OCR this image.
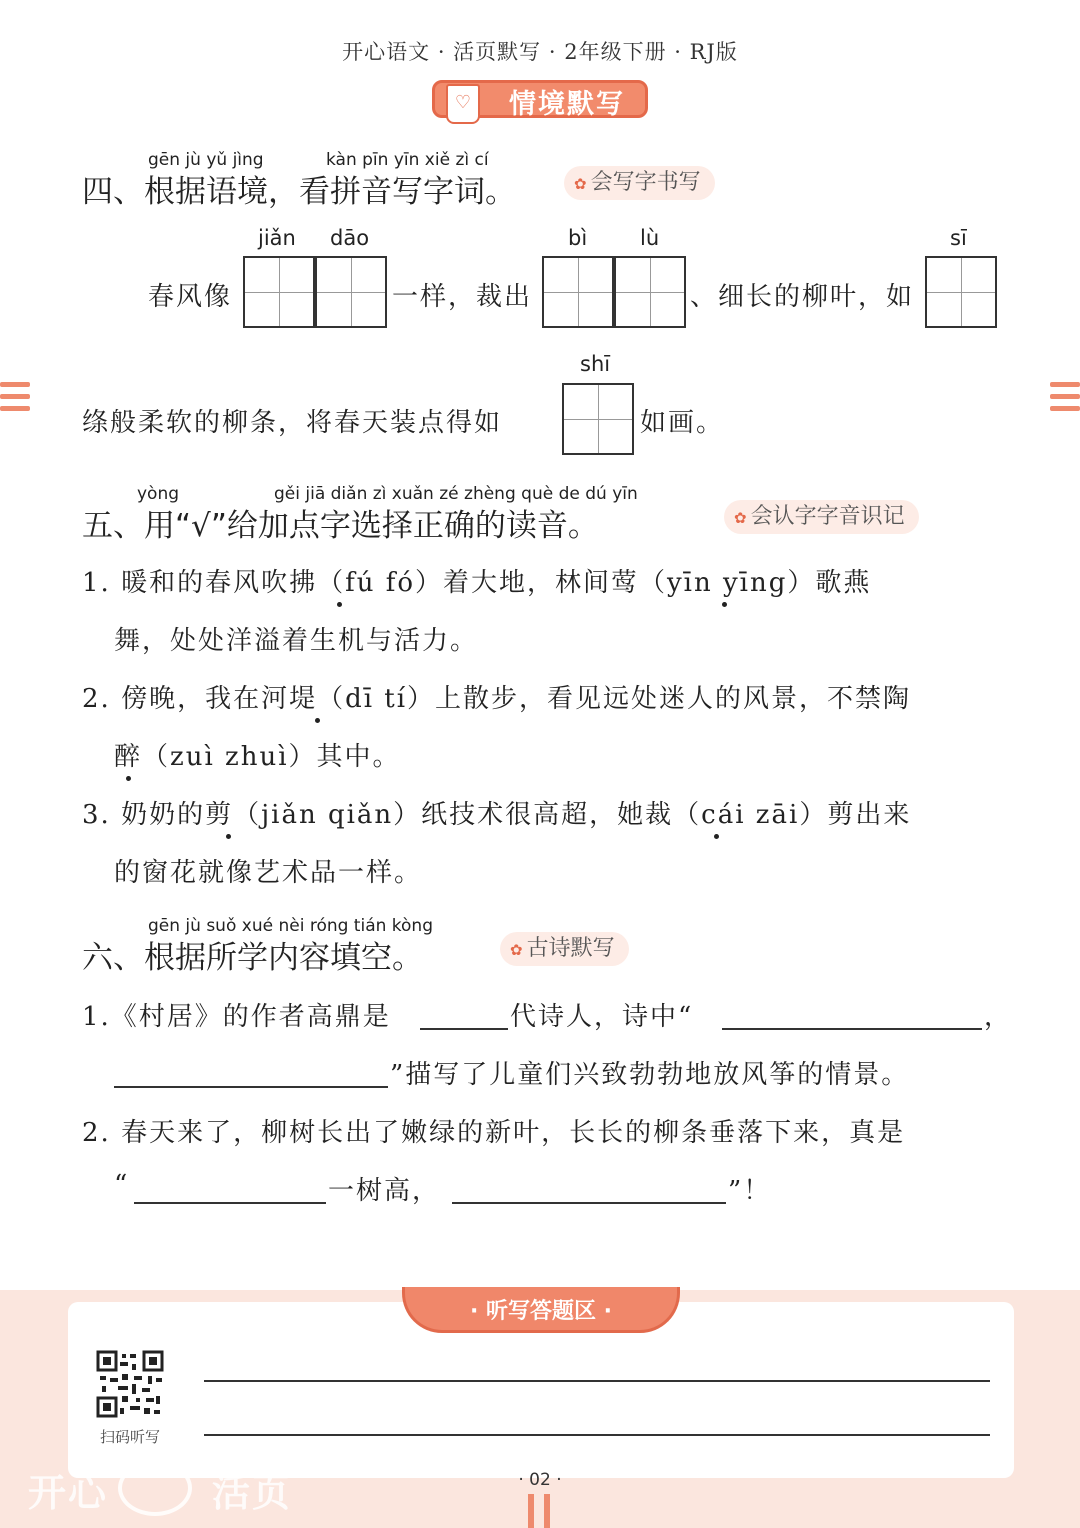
开心语文 · 活页默写 · 2年级下册 · RJ版
♡	情境默写
gēn jù yǔ jìng	kàn pīn yīn xiě zì cí
四、根据语境，看拼音写字词。	✿ 会写字书写
jiǎn dāo	bì	lù	sī
春风像	一样，裁出	、细长的柳叶，如
shī
绦般柔软的柳条，将春天装点得如	如画。
yòng	gěi jiā diǎn zì xuǎn zé zhèng què de dú yīn
五、用“√”给加点字选择正确的读音。	✿ 会认字字音识记
1. 暖和的春风吹拂（fú fó）着大地，林间莺（yīn yīng）歌燕
舞，处处洋溢着生机与活力。
2. 傍晚，我在河堤（dī tí）上散步，看见远处迷人的风景，不禁陶
醉（zuì zhuì）其中。
3. 奶奶的剪（jiǎn qiǎn）纸技术很高超，她裁（cái zāi）剪出来
的窗花就像艺术品一样。
gēn jù suǒ xué nèi róng tián kòng
六、根据所学内容填空。	✿ 古诗默写
1.《村居》的作者高鼎是	代诗人，诗中“	，
”描写了儿童们兴致勃勃地放风筝的情景。
2. 春天来了，柳树长出了嫩绿的新叶，长长的柳条垂落下来，真是
“	一树高，	”！
· 听写答题区 ·
扫码听写
开心	活页	· 02 ·
